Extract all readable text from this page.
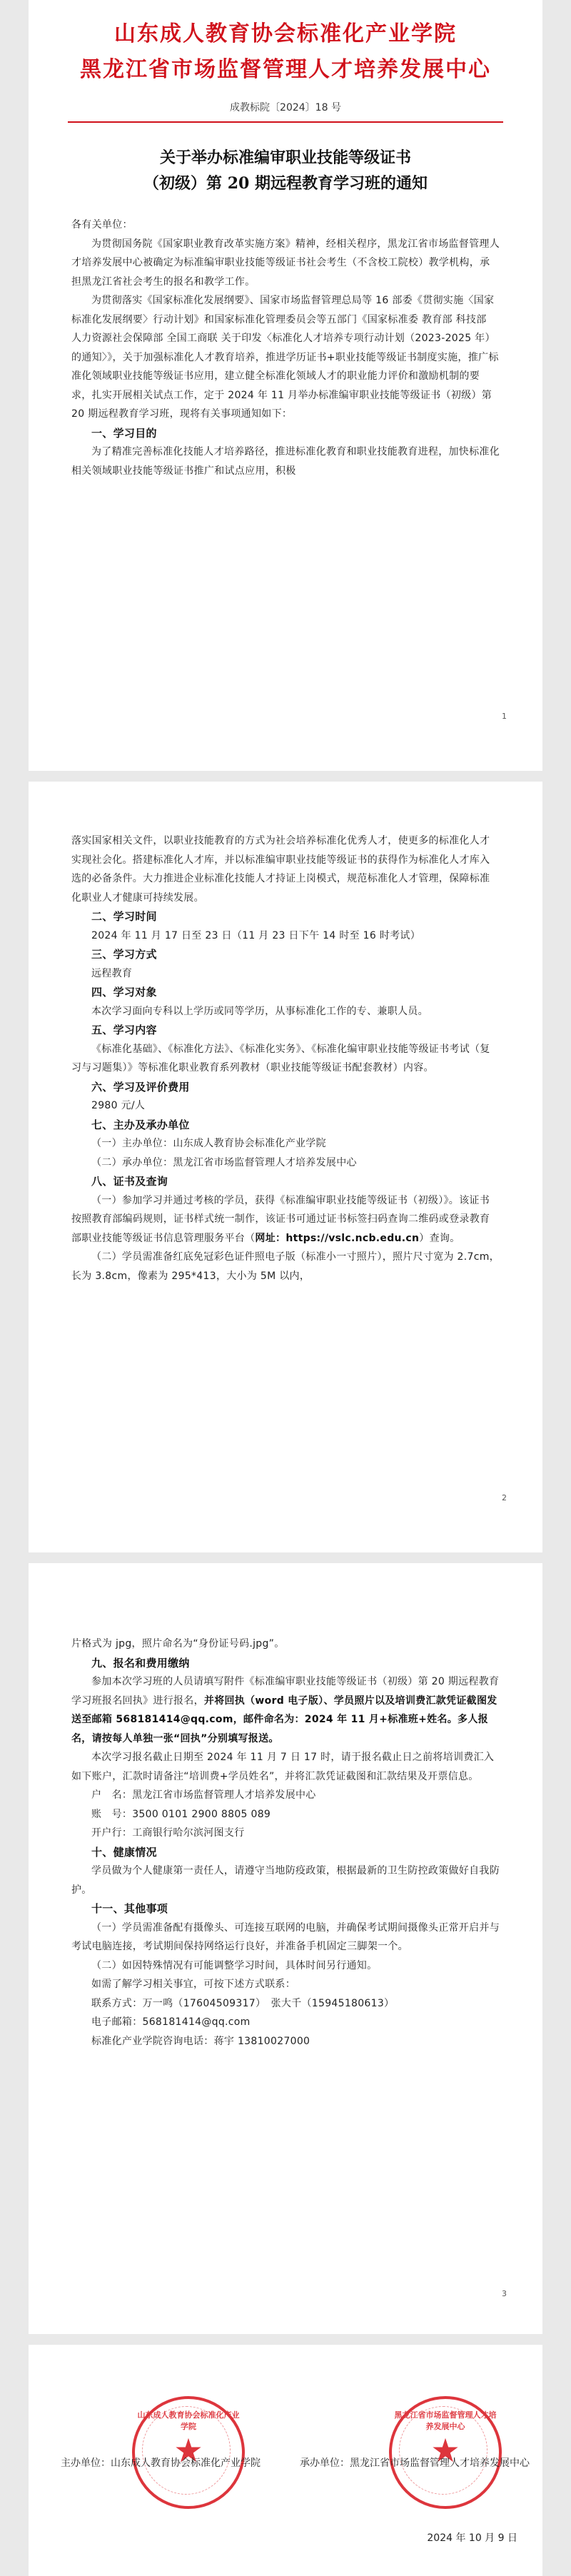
山东成人教育协会标准化产业学院
黑龙江省市场监督管理人才培养发展中心
成教标院〔2024〕18 号
关于举办标准编审职业技能等级证书
（初级）第 20 期远程教育学习班的通知

各有关单位：

为贯彻国务院《国家职业教育改革实施方案》精神，经相关程序，黑龙江省市场监督管理人才培养发展中心被确定为标准编审职业技能等级证书社会考生（不含校工院校）教学机构，承担黑龙江省社会考生的报名和教学工作。

为贯彻落实《国家标准化发展纲要》、国家市场监督管理总局等 16 部委《贯彻实施〈国家标准化发展纲要〉行动计划》和国家标准化管理委员会等五部门《国家标准委 教育部 科技部 人力资源社会保障部 全国工商联 关于印发〈标准化人才培养专项行动计划（2023-2025 年）的通知〉》，关于加强标准化人才教育培养，推进学历证书+职业技能等级证书制度实施，推广标准化领域职业技能等级证书应用，建立健全标准化领域人才的职业能力评价和激励机制的要求，扎实开展相关试点工作，定于 2024 年 11 月举办标准编审职业技能等级证书（初级）第 20 期远程教育学习班，现将有关事项通知如下：

一、学习目的

为了精准完善标准化技能人才培养路径，推进标准化教育和职业技能教育进程，加快标准化相关领域职业技能等级证书推广和试点应用，积极

1

落实国家相关文件，以职业技能教育的方式为社会培养标准化优秀人才，使更多的标准化人才实现社会化。搭建标准化人才库，并以标准编审职业技能等级证书的获得作为标准化人才库入选的必备条件。大力推进企业标准化技能人才持证上岗模式，规范标准化人才管理，保障标准化职业人才健康可持续发展。

二、学习时间

2024 年 11 月 17 日至 23 日（11 月 23 日下午 14 时至 16 时考试）

三、学习方式

远程教育

四、学习对象

本次学习面向专科以上学历或同等学历，从事标准化工作的专、兼职人员。

五、学习内容

《标准化基础》、《标准化方法》、《标准化实务》、《标准化编审职业技能等级证书考试（复习与习题集）》等标准化职业教育系列教材（职业技能等级证书配套教材）内容。

六、学习及评价费用

2980 元/人

七、主办及承办单位

（一）主办单位：山东成人教育协会标准化产业学院

（二）承办单位：黑龙江省市场监督管理人才培养发展中心

八、证书及查询

（一）参加学习并通过考核的学员，获得《标准编审职业技能等级证书（初级）》。该证书按照教育部编码规则，证书样式统一制作，该证书可通过证书标签扫码查询二维码或登录教育部职业技能等级证书信息管理服务平台（网址：https://vslc.ncb.edu.cn）查询。

（二）学员需准备红底免冠彩色证件照电子版（标准小一寸照片），照片尺寸宽为 2.7cm，长为 3.8cm，像素为 295*413，大小为 5M 以内，

2

片格式为 jpg，照片命名为“身份证号码.jpg”。

九、报名和费用缴纳

参加本次学习班的人员请填写附件《标准编审职业技能等级证书（初级）第 20 期远程教育学习班报名回执》进行报名，并将回执（word 电子版）、学员照片以及培训费汇款凭证截图发送至邮箱 568181414@qq.com，邮件命名为：2024 年 11 月+标准班+姓名。多人报名，请按每人单独一张“回执”分别填写报送。

本次学习报名截止日期至 2024 年 11 月 7 日 17 时，请于报名截止日之前将培训费汇入如下账户，汇款时请备注“培训费+学员姓名”，并将汇款凭证截图和汇款结果及开票信息。

户　名：黑龙江省市场监督管理人才培养发展中心

账　号：3500 0101 2900 8805 089

开户行：工商银行哈尔滨河图支行

十、健康情况

学员做为个人健康第一责任人，请遵守当地防疫政策，根据最新的卫生防控政策做好自我防护。

十一、其他事项

（一）学员需准备配有摄像头、可连接互联网的电脑，并确保考试期间摄像头正常开启并与考试电脑连接，考试期间保持网络运行良好，并准备手机固定三脚架一个。

（二）如因特殊情况有可能调整学习时间，具体时间另行通知。

如需了解学习相关事宜，可按下述方式联系：

联系方式：万一鸣（17604509317）　张大千（15945180613）

电子邮箱：568181414@qq.com

标准化产业学院咨询电话：蒋宇 13810027000

3
山东成人教育协会标准化产业学院
★
黑龙江省市场监督管理人才培养发展中心
★
主办单位：山东成人教育协会标准化产业学院	承办单位：黑龙江省市场监督管理人才培养发展中心
2024 年 10 月 9 日
